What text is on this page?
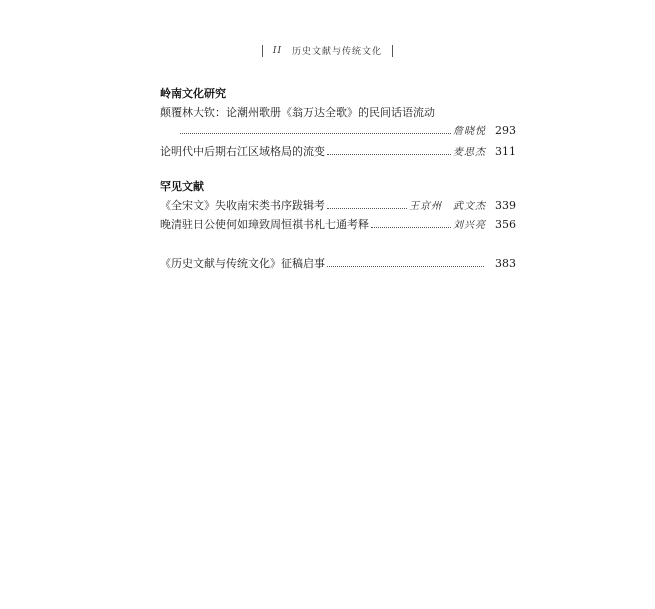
II 历史文献与传统文化
岭南文化研究
颠覆林大钦：论潮州歌册《翁万达全歌》的民间话语流动
詹晓悦 293
论明代中后期右江区域格局的流变	麦思杰 311
罕见文献
《全宋文》失收南宋类书序跋辑考	王京州　武文杰 339
晚清驻日公使何如璋致周恒祺书札七通考释	刘兴亮 356
《历史文献与传统文化》征稿启事	383
